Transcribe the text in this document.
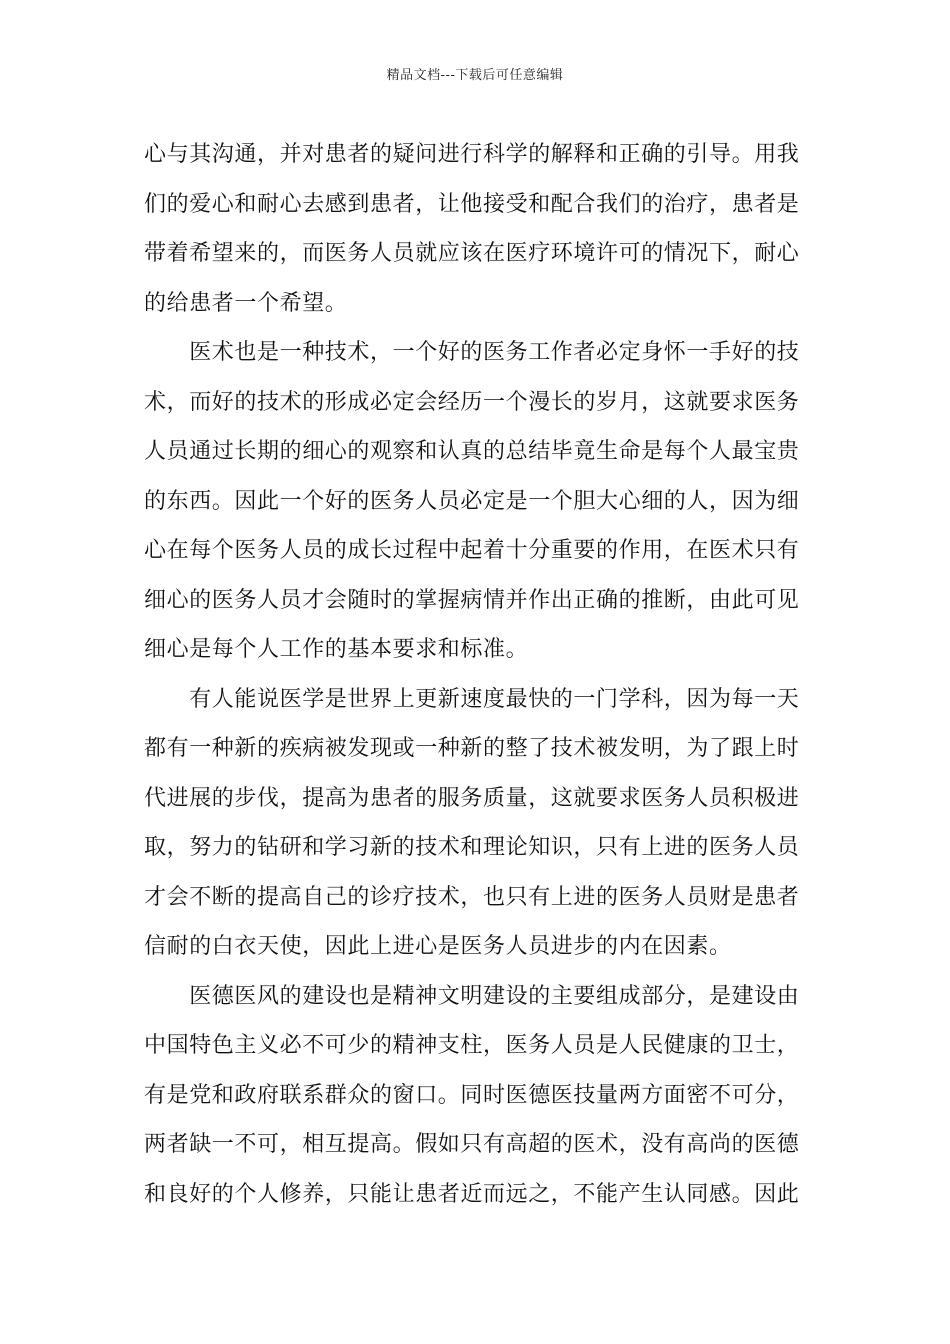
精品文档---下载后可任意编辑

心与其沟通，并对患者的疑问进行科学的解释和正确的引导。用我
们的爱心和耐心去感到患者，让他接受和配合我们的治疗，患者是
带着希望来的，而医务人员就应该在医疗环境许可的情况下，耐心
的给患者一个希望。

　　医术也是一种技术，一个好的医务工作者必定身怀一手好的技
术，而好的技术的形成必定会经历一个漫长的岁月，这就要求医务
人员通过长期的细心的观察和认真的总结毕竟生命是每个人最宝贵
的东西。因此一个好的医务人员必定是一个胆大心细的人，因为细
心在每个医务人员的成长过程中起着十分重要的作用，在医术只有
细心的医务人员才会随时的掌握病情并作出正确的推断，由此可见
细心是每个人工作的基本要求和标准。

　　有人能说医学是世界上更新速度最快的一门学科，因为每一天
都有一种新的疾病被发现或一种新的整了技术被发明，为了跟上时
代进展的步伐，提高为患者的服务质量，这就要求医务人员积极进
取，努力的钻研和学习新的技术和理论知识，只有上进的医务人员
才会不断的提高自己的诊疗技术，也只有上进的医务人员财是患者
信耐的白衣天使，因此上进心是医务人员进步的内在因素。

　　医德医风的建设也是精神文明建设的主要组成部分，是建设由
中国特色主义必不可少的精神支柱，医务人员是人民健康的卫士，
有是党和政府联系群众的窗口。同时医德医技量两方面密不可分，
两者缺一不可，相互提高。假如只有高超的医术，没有高尚的医德
和良好的个人修养，只能让患者近而远之，不能产生认同感。因此
